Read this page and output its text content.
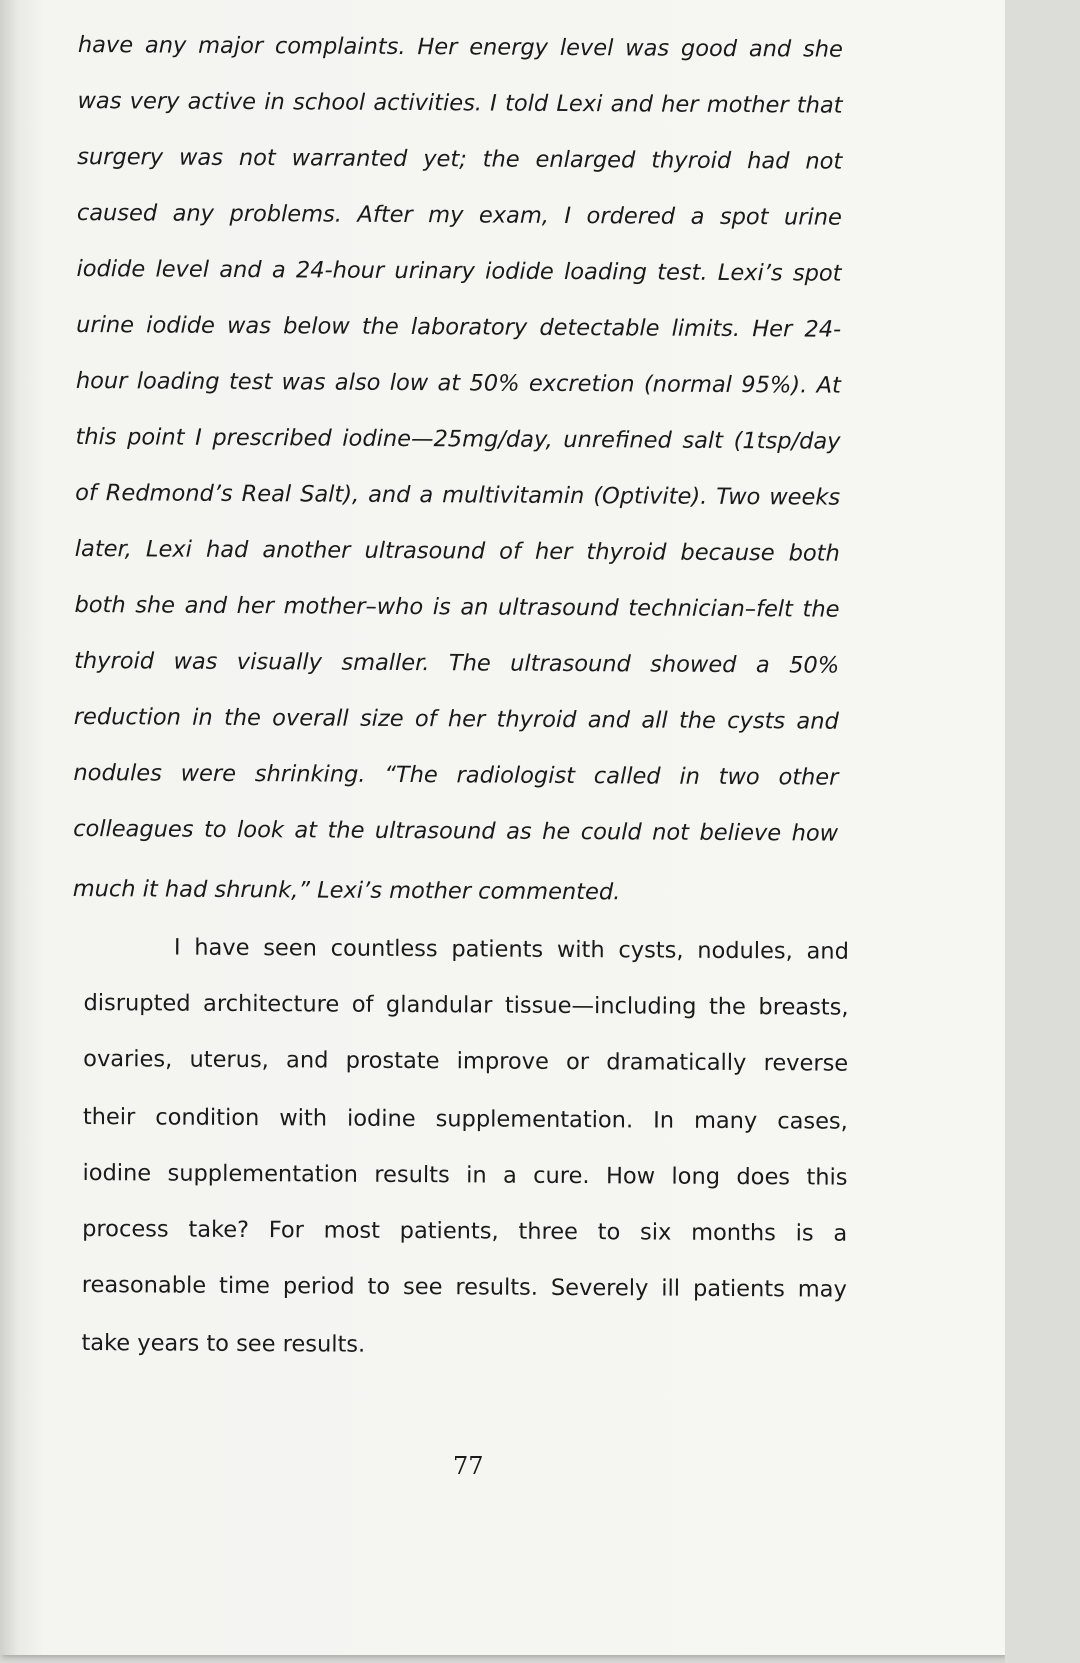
have any major complaints. Her energy level was good and she
was very active in school activities. I told Lexi and her mother that
surgery was not warranted yet; the enlarged thyroid had not
caused any problems. After my exam, I ordered a spot urine
iodide level and a 24-hour urinary iodide loading test. Lexi’s spot
urine iodide was below the laboratory detectable limits. Her 24-
hour loading test was also low at 50% excretion (normal 95%). At
this point I prescribed iodine—25mg/day, unrefined salt (1tsp/day
of Redmond’s Real Salt), and a multivitamin (Optivite). Two weeks
later, Lexi had another ultrasound of her thyroid because both
both she and her mother–who is an ultrasound technician–felt the
thyroid was visually smaller. The ultrasound showed a 50%
reduction in the overall size of her thyroid and all the cysts and
nodules were shrinking. “The radiologist called in two other
colleagues to look at the ultrasound as he could not believe how
much it had shrunk,” Lexi’s mother commented.
I have seen countless patients with cysts, nodules, and
disrupted architecture of glandular tissue—including the breasts,
ovaries, uterus, and prostate improve or dramatically reverse
their condition with iodine supplementation. In many cases,
iodine supplementation results in a cure. How long does this
process take? For most patients, three to six months is a
reasonable time period to see results. Severely ill patients may
take years to see results.
77
